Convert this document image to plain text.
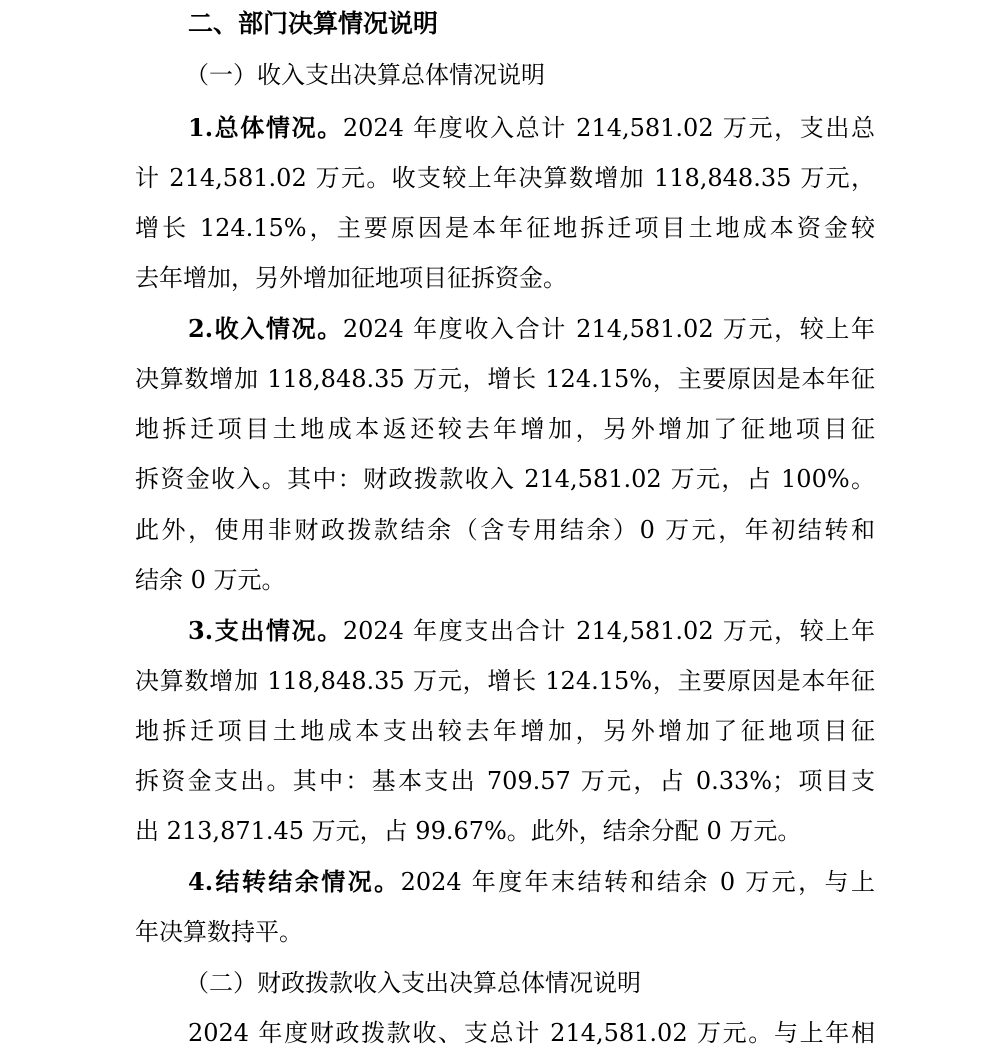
二、部门决算情况说明
（一）收入支出决算总体情况说明
1.总体情况。2024 年度收入总计 214,581.02 万元，支出总
计 214,581.02 万元。收支较上年决算数增加 118,848.35 万元，
增长 124.15%，主要原因是本年征地拆迁项目土地成本资金较
去年增加，另外增加征地项目征拆资金。
2.收入情况。2024 年度收入合计 214,581.02 万元，较上年
决算数增加 118,848.35 万元，增长 124.15%，主要原因是本年征
地拆迁项目土地成本返还较去年增加，另外增加了征地项目征
拆资金收入。其中：财政拨款收入 214,581.02 万元，占 100%。
此外，使用非财政拨款结余（含专用结余）0 万元，年初结转和
结余 0 万元。
3.支出情况。2024 年度支出合计 214,581.02 万元，较上年
决算数增加 118,848.35 万元，增长 124.15%，主要原因是本年征
地拆迁项目土地成本支出较去年增加，另外增加了征地项目征
拆资金支出。其中：基本支出 709.57 万元，占 0.33%；项目支
出 213,871.45 万元，占 99.67%。此外，结余分配 0 万元。
4.结转结余情况。2024 年度年末结转和结余 0 万元，与上
年决算数持平。
（二）财政拨款收入支出决算总体情况说明
2024 年度财政拨款收、支总计 214,581.02 万元。与上年相
